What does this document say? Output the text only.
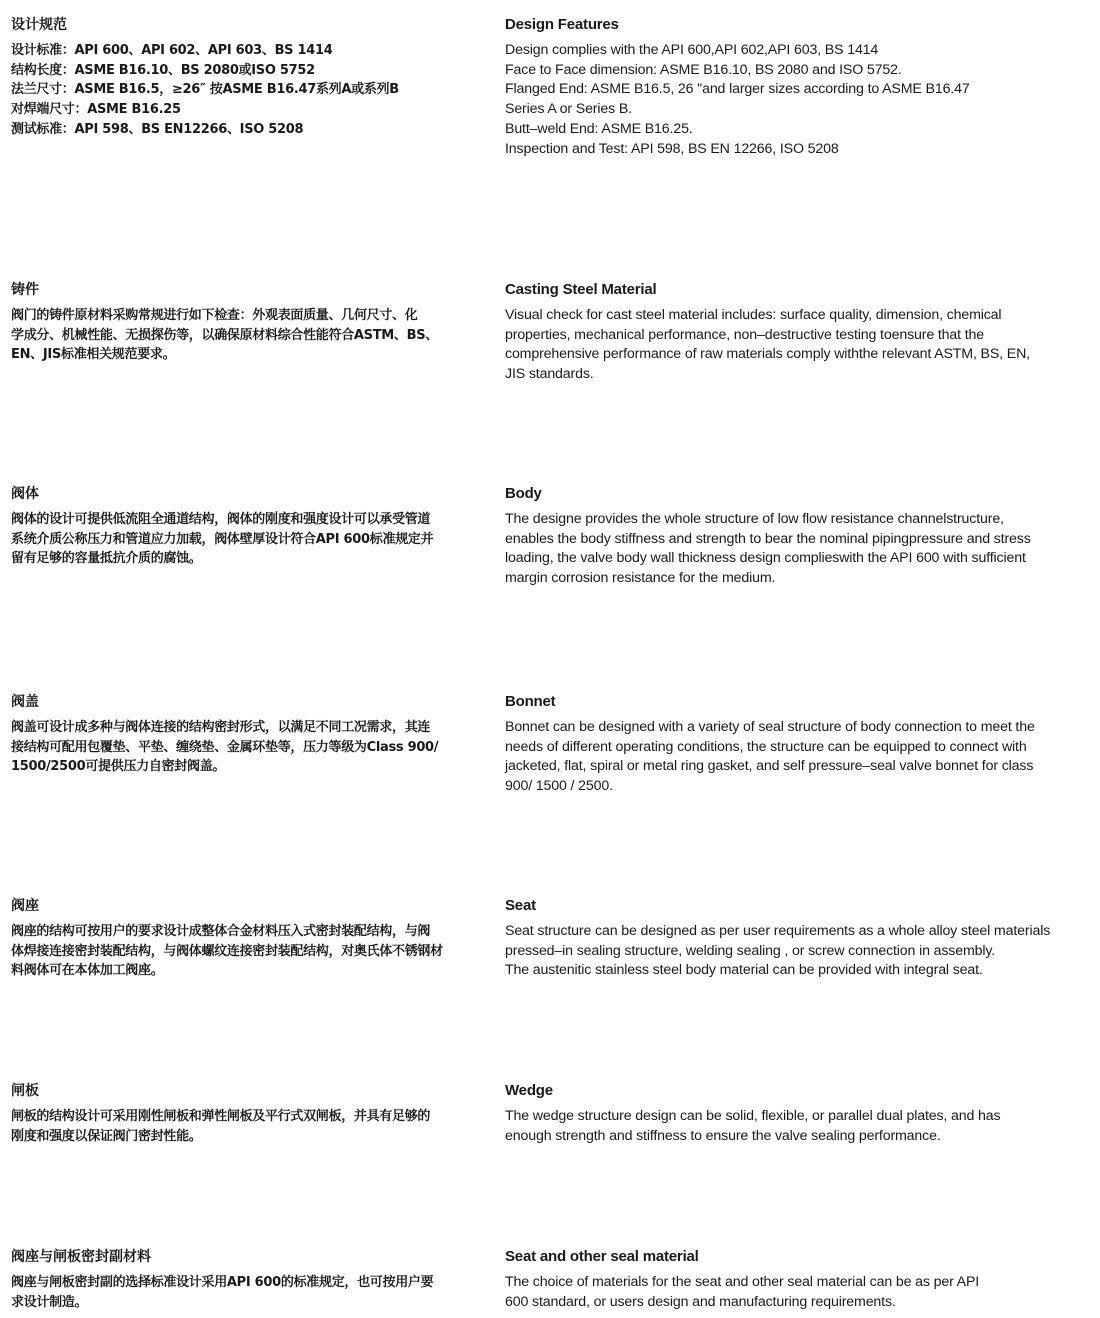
设计规范
设计标准：API 600、API 602、API 603、BS 1414
结构长度：ASME B16.10、BS 2080或ISO 5752
法兰尺寸：ASME B16.5，≥26″ 按ASME B16.47系列A或系列B
对焊端尺寸：ASME B16.25
测试标准：API 598、BS EN12266、ISO 5208
Design Features
Design complies with the API 600,API 602,API 603, BS 1414
Face to Face dimension: ASME B16.10, BS 2080 and ISO 5752.
Flanged End: ASME B16.5, 26 "and larger sizes according to ASME B16.47
Series A or Series B.
Butt–weld End: ASME B16.25.
Inspection and Test: API 598, BS EN 12266, ISO 5208
铸件
阀门的铸件原材料采购常规进行如下检查：外观表面质量、几何尺寸、化
学成分、机械性能、无损探伤等，以确保原材料综合性能符合ASTM、BS、
EN、JIS标准相关规范要求。
Casting Steel Material
Visual check for cast steel material includes: surface quality, dimension, chemical
properties, mechanical performance, non–destructive testing toensure that the
comprehensive performance of raw materials comply withthe relevant ASTM, BS, EN,
JIS standards.
阀体
阀体的设计可提供低流阻全通道结构，阀体的刚度和强度设计可以承受管道
系统介质公称压力和管道应力加载，阀体壁厚设计符合API 600标准规定并
留有足够的容量抵抗介质的腐蚀。
Body
The designe provides the whole structure of low flow resistance channelstructure,
enables the body stiffness and strength to bear the nominal pipingpressure and stress
loading, the valve body wall thickness design complieswith the API 600 with sufficient
margin corrosion resistance for the medium.
阀盖
阀盖可设计成多种与阀体连接的结构密封形式，以满足不同工况需求，其连
接结构可配用包覆垫、平垫、缠绕垫、金属环垫等，压力等级为Class 900/
1500/2500可提供压力自密封阀盖。
Bonnet
Bonnet can be designed with a variety of seal structure of body connection to meet the
needs of different operating conditions, the structure can be equipped to connect with
jacketed, flat, spiral or metal ring gasket, and self pressure–seal valve bonnet for class
900/ 1500 / 2500.
阀座
阀座的结构可按用户的要求设计成整体合金材料压入式密封装配结构，与阀
体焊接连接密封装配结构，与阀体螺纹连接密封装配结构，对奥氏体不锈钢材
料阀体可在本体加工阀座。
Seat
Seat structure can be designed as per user requirements as a whole alloy steel materials
pressed–in sealing structure, welding sealing , or screw connection in assembly.
The austenitic stainless steel body material can be provided with integral seat.
闸板
闸板的结构设计可采用刚性闸板和弹性闸板及平行式双闸板，并具有足够的
刚度和强度以保证阀门密封性能。
Wedge
The wedge structure design can be solid, flexible, or parallel dual plates, and has
enough strength and stiffness to ensure the valve sealing performance.
阀座与闸板密封副材料
阀座与闸板密封副的选择标准设计采用API 600的标准规定，也可按用户要
求设计制造。
Seat and other seal material
The choice of materials for the seat and other seal material can be as per API
600 standard, or users design and manufacturing requirements.
